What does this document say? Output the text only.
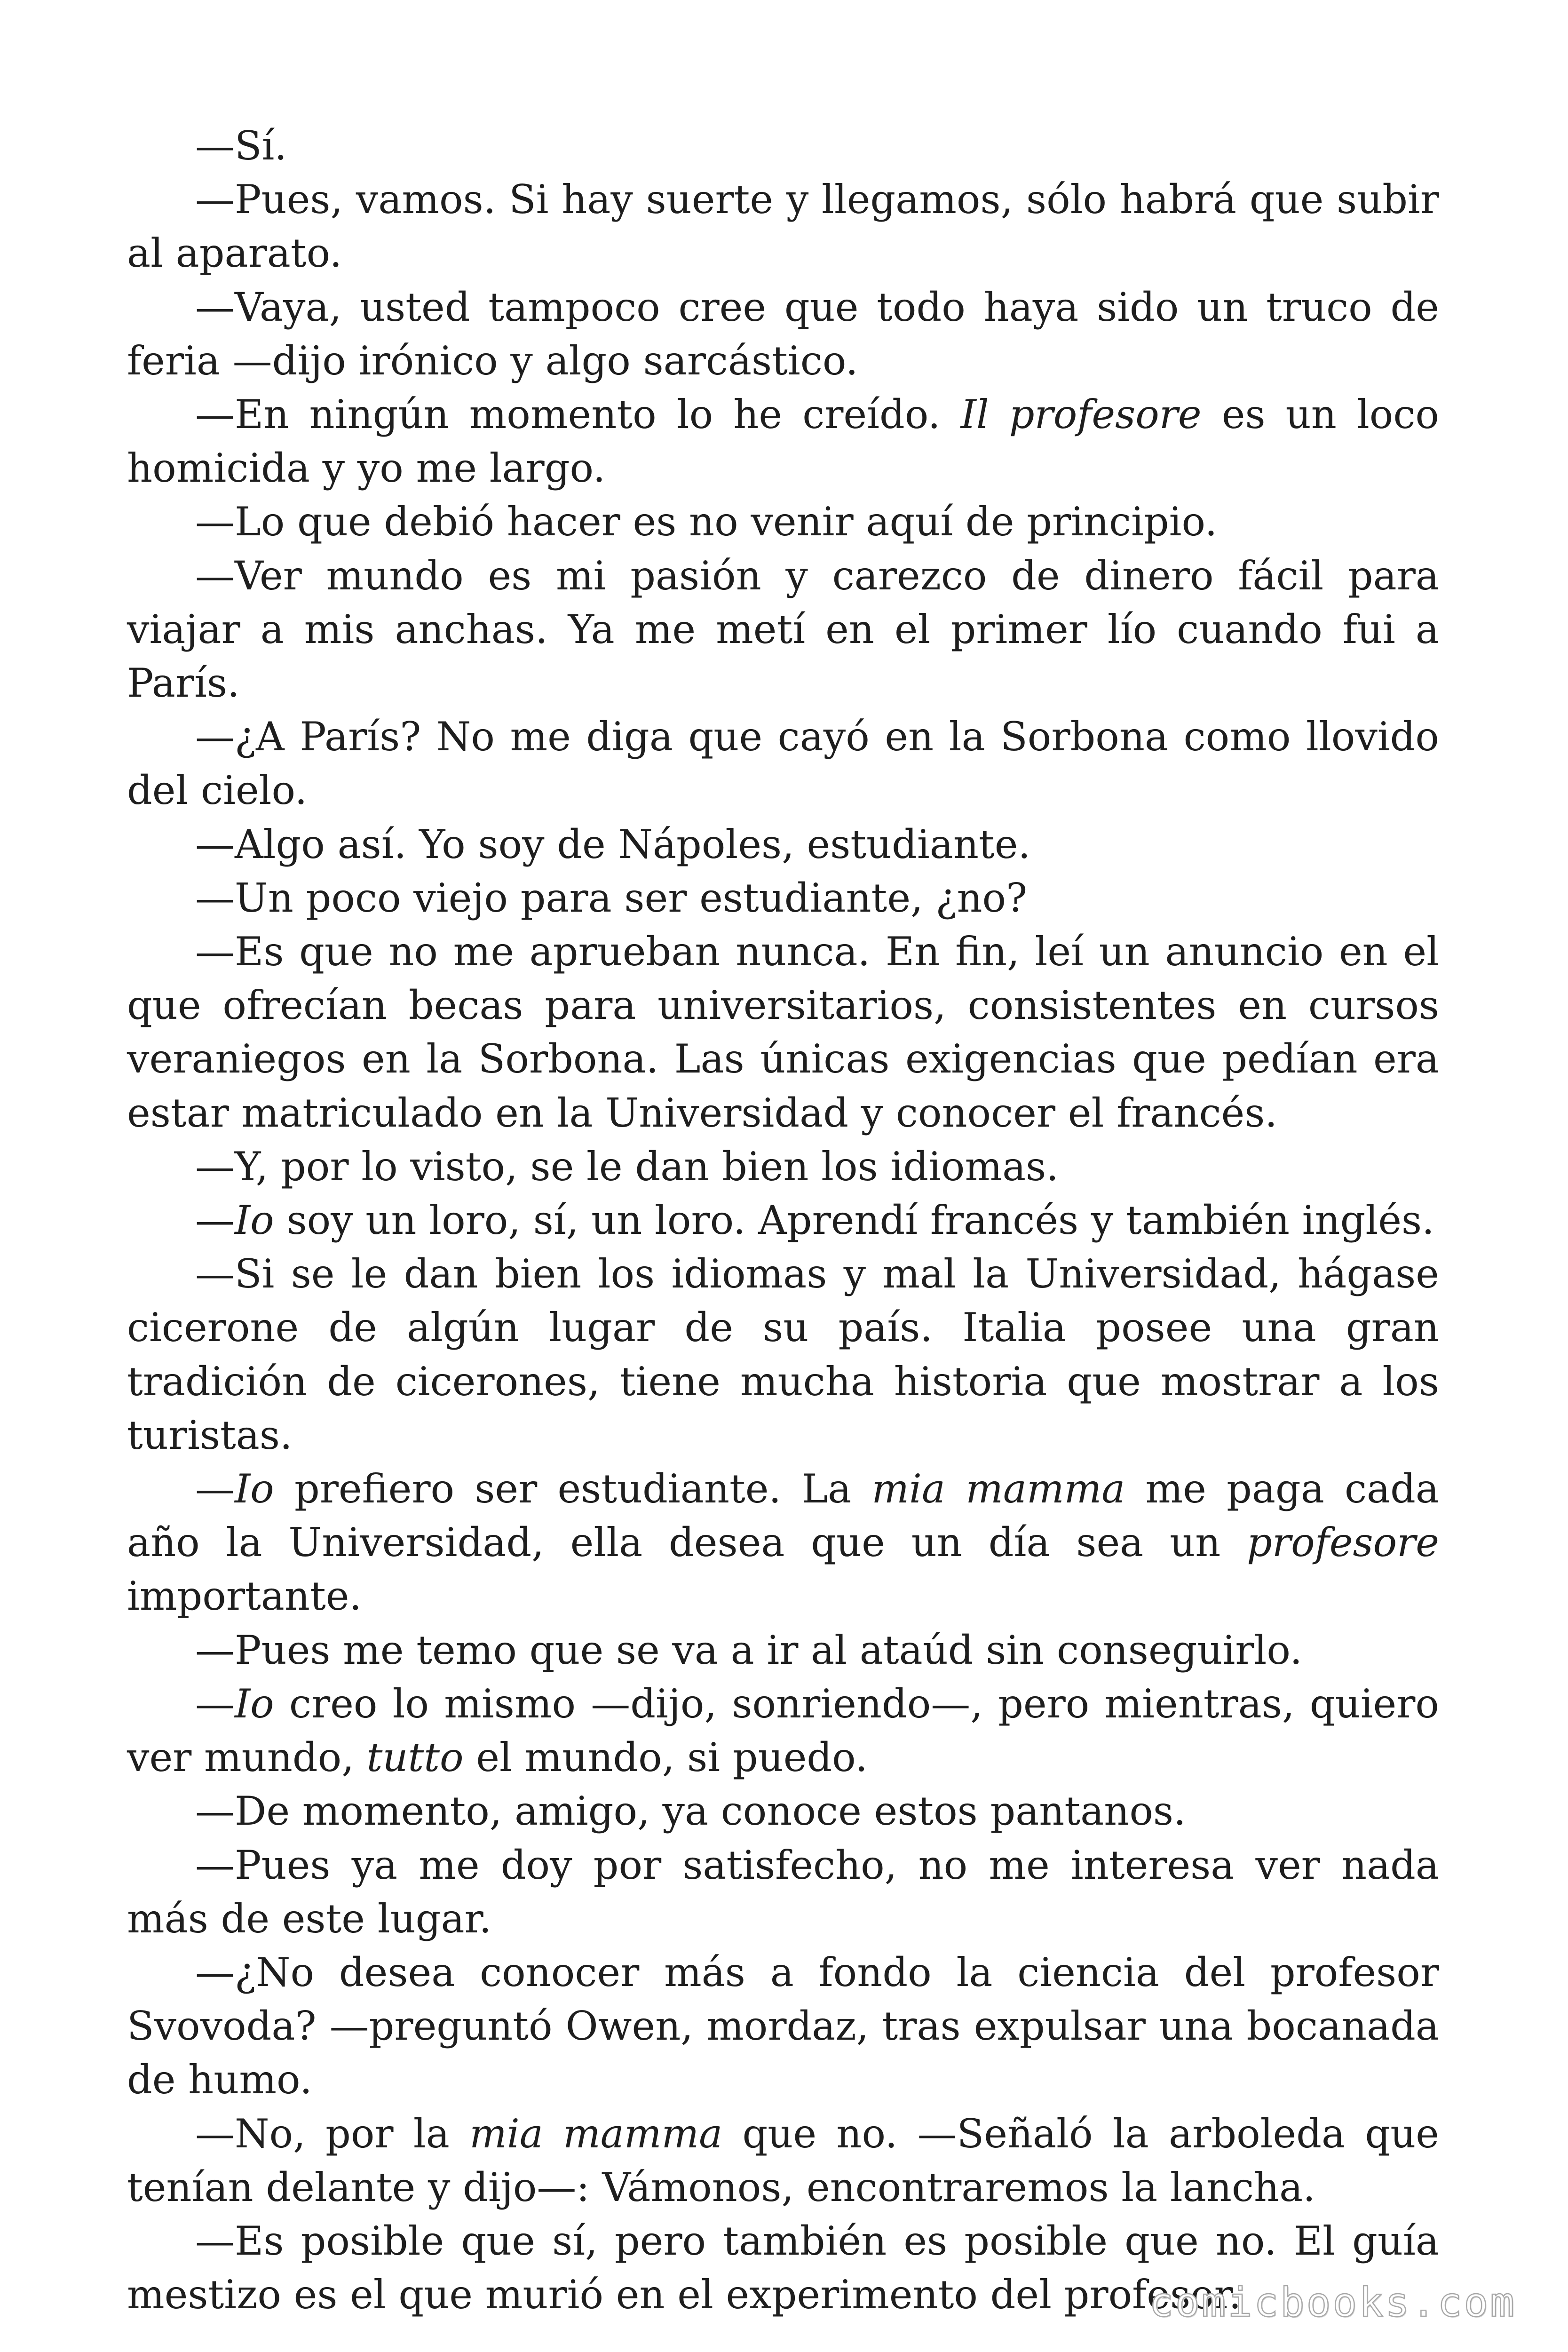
—Sí.

—Pues, vamos. Si hay suerte y llegamos, sólo habrá que subir al aparato.

—Vaya, usted tampoco cree que todo haya sido un truco de feria —dijo irónico y algo sarcástico.

—En ningún momento lo he creído. Il profesore es un loco homicida y yo me largo.

—Lo que debió hacer es no venir aquí de principio.

—Ver mundo es mi pasión y carezco de dinero fácil para viajar a mis anchas. Ya me metí en el primer lío cuando fui a París.

—¿A París? No me diga que cayó en la Sorbona como llovido del cielo.

—Algo así. Yo soy de Nápoles, estudiante.

—Un poco viejo para ser estudiante, ¿no?

—Es que no me aprueban nunca. En fin, leí un anuncio en el que ofrecían becas para universitarios, consistentes en cursos veraniegos en la Sorbona. Las únicas exigencias que pedían era estar matriculado en la Universidad y conocer el francés.

—Y, por lo visto, se le dan bien los idiomas.

—Io soy un loro, sí, un loro. Aprendí francés y también inglés.

—Si se le dan bien los idiomas y mal la Universidad, hágase cicerone de algún lugar de su país. Italia posee una gran tradición de cicerones, tiene mucha historia que mostrar a los turistas.

—Io prefiero ser estudiante. La mia mamma me paga cada año la Universidad, ella desea que un día sea un profesore importante.

—Pues me temo que se va a ir al ataúd sin conseguirlo.

—Io creo lo mismo —dijo, sonriendo—, pero mientras, quiero ver mundo, tutto el mundo, si puedo.

—De momento, amigo, ya conoce estos pantanos.

—Pues ya me doy por satisfecho, no me interesa ver nada más de este lugar.

—¿No desea conocer más a fondo la ciencia del profesor Svovoda? —preguntó Owen, mordaz, tras expulsar una bocanada de humo.

—No, por la mia mamma que no. —Señaló la arboleda que tenían delante y dijo—: Vámonos, encontraremos la lancha.

—Es posible que sí, pero también es posible que no. El guía mestizo es el que murió en el experimento del profesor.

comicbooks.com
